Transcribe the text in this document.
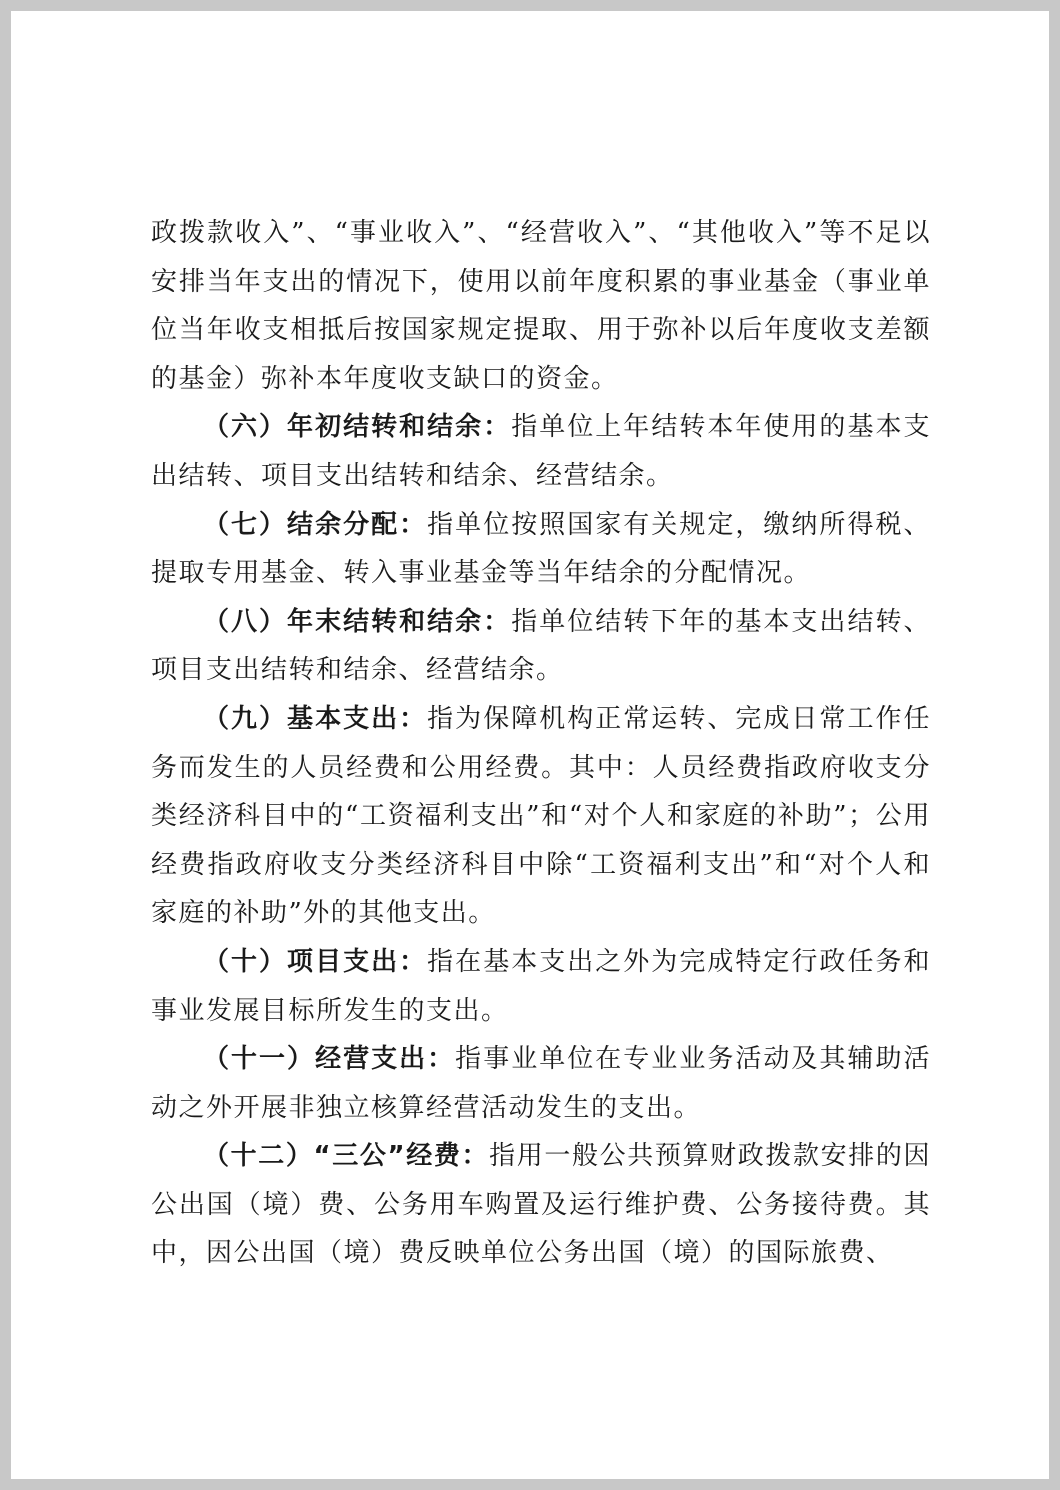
政拨款收入”、“事业收入”、“经营收入”、“其他收入”等不足以安排当年支出的情况下，使用以前年度积累的事业基金（事业单位当年收支相抵后按国家规定提取、用于弥补以后年度收支差额的基金）弥补本年度收支缺口的资金。

（六）年初结转和结余：指单位上年结转本年使用的基本支出结转、项目支出结转和结余、经营结余。

（七）结余分配：指单位按照国家有关规定，缴纳所得税、提取专用基金、转入事业基金等当年结余的分配情况。

（八）年末结转和结余：指单位结转下年的基本支出结转、项目支出结转和结余、经营结余。

（九）基本支出：指为保障机构正常运转、完成日常工作任务而发生的人员经费和公用经费。其中：人员经费指政府收支分类经济科目中的“工资福利支出”和“对个人和家庭的补助”；公用经费指政府收支分类经济科目中除“工资福利支出”和“对个人和家庭的补助”外的其他支出。

（十）项目支出：指在基本支出之外为完成特定行政任务和事业发展目标所发生的支出。

（十一）经营支出：指事业单位在专业业务活动及其辅助活动之外开展非独立核算经营活动发生的支出。

（十二）“三公”经费：指用一般公共预算财政拨款安排的因公出国（境）费、公务用车购置及运行维护费、公务接待费。其中，因公出国（境）费反映单位公务出国（境）的国际旅费、
